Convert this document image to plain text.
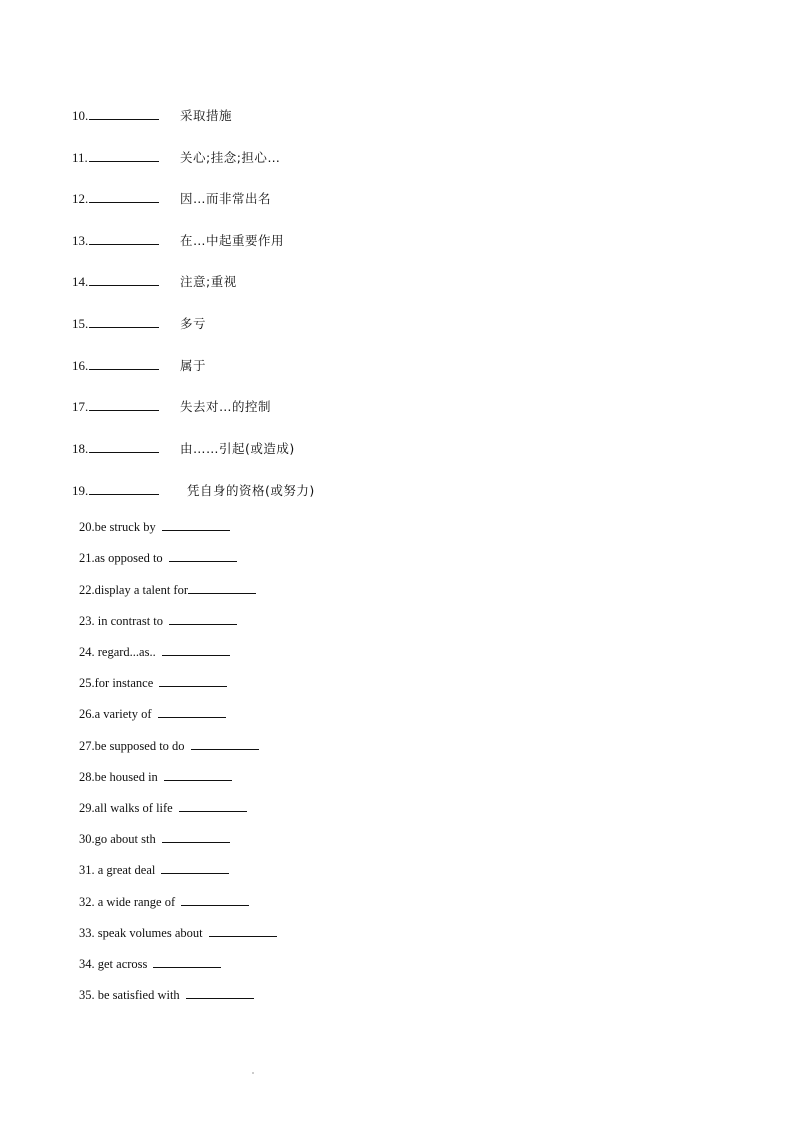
10.	采取措施
11.	关心;挂念;担心…
12.	因…而非常出名
13.	在…中起重要作用
14.	注意;重视
15.	多亏
16.	属于
17.	失去对…的控制
18.	由……引起(或造成)
19.	凭自身的资格(或努力)
20.be struck by
21.as opposed to
22.display a talent for
23. in contrast to
24. regard...as..
25.for instance
26.a variety of
27.be supposed to do
28.be housed in
29.all walks of life
30.go about sth
31. a great deal
32. a wide range of
33. speak volumes about
34. get across
35. be satisfied with
